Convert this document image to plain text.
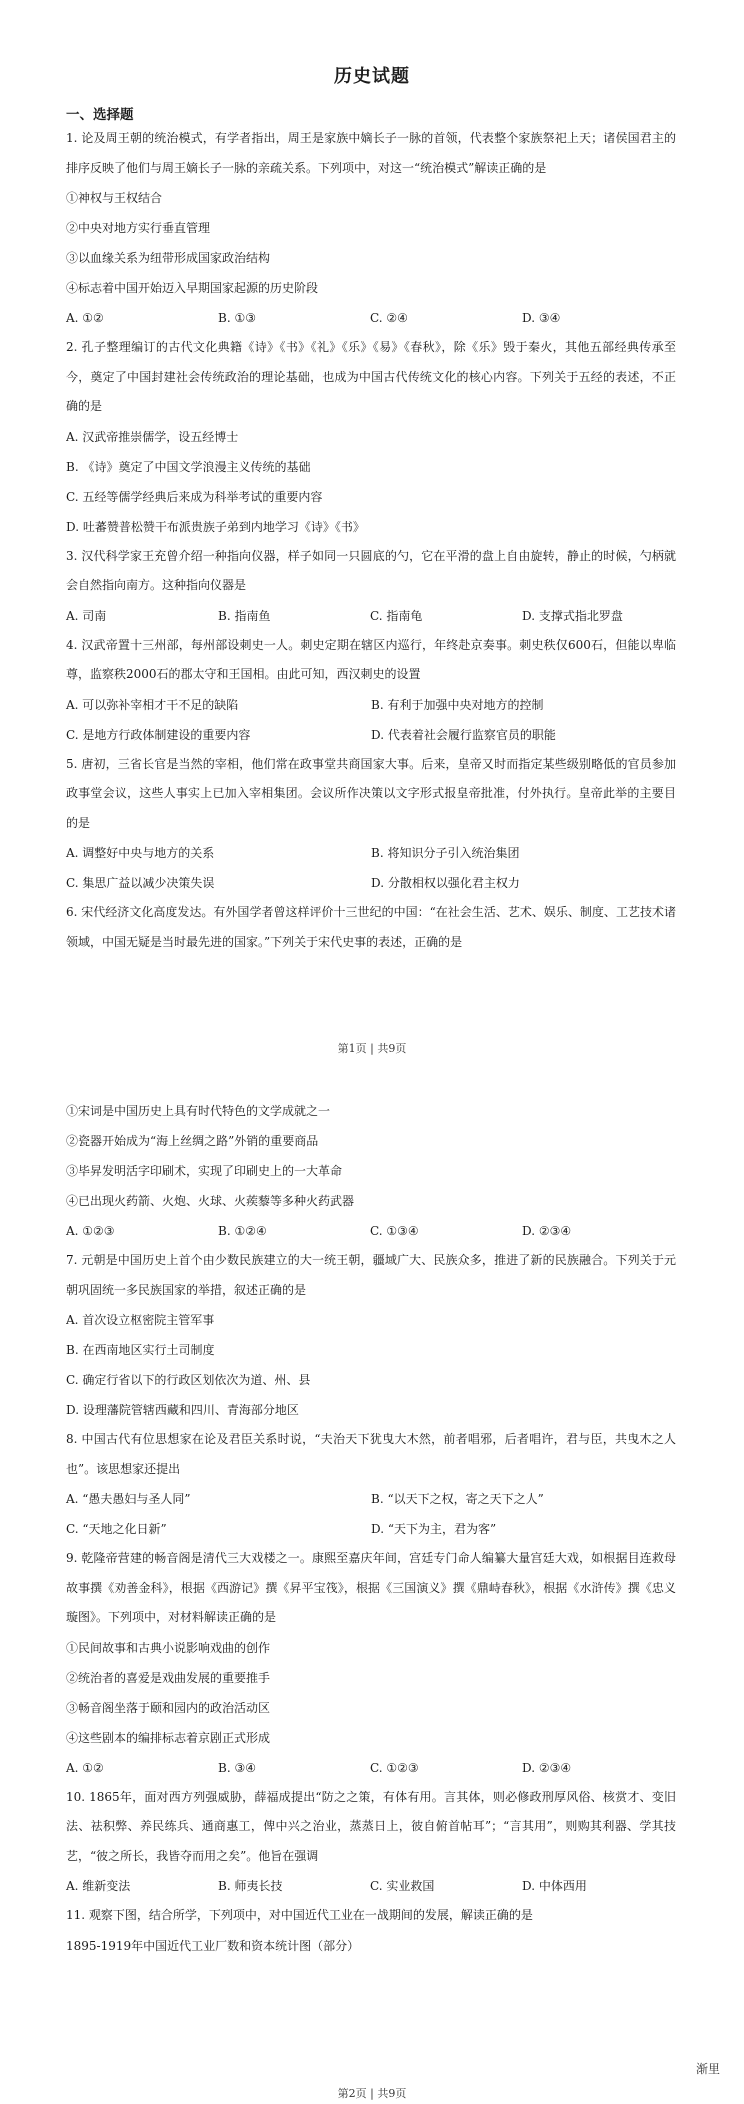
历史试题
一、选择题
1. 论及周王朝的统治模式，有学者指出，周王是家族中嫡长子一脉的首领，代表整个家族祭祀上天；诸侯国君主的排序反映了他们与周王嫡长子一脉的亲疏关系。下列项中，对这一“统治模式”解读正确的是
①神权与王权结合
②中央对地方实行垂直管理
③以血缘关系为纽带形成国家政治结构
④标志着中国开始迈入早期国家起源的历史阶段
A. ①②	B. ①③	C. ②④	D. ③④
2. 孔子整理编订的古代文化典籍《诗》《书》《礼》《乐》《易》《春秋》，除《乐》毁于秦火，其他五部经典传承至今，奠定了中国封建社会传统政治的理论基础，也成为中国古代传统文化的核心内容。下列关于五经的表述，不正确的是
A. 汉武帝推崇儒学，设五经博士
B. 《诗》奠定了中国文学浪漫主义传统的基础
C. 五经等儒学经典后来成为科举考试的重要内容
D. 吐蕃赞普松赞干布派贵族子弟到内地学习《诗》《书》
3. 汉代科学家王充曾介绍一种指向仪器，样子如同一只圆底的勺，它在平滑的盘上自由旋转，静止的时候，勺柄就会自然指向南方。这种指向仪器是
A. 司南	B. 指南鱼	C. 指南龟	D. 支撑式指北罗盘
4. 汉武帝置十三州部，每州部设刺史一人。刺史定期在辖区内巡行，年终赴京奏事。刺史秩仅600石，但能以卑临尊，监察秩2000石的郡太守和王国相。由此可知，西汉刺史的设置
A. 可以弥补宰相才干不足的缺陷	B. 有利于加强中央对地方的控制
C. 是地方行政体制建设的重要内容	D. 代表着社会履行监察官员的职能
5. 唐初，三省长官是当然的宰相，他们常在政事堂共商国家大事。后来，皇帝又时而指定某些级别略低的官员参加政事堂会议，这些人事实上已加入宰相集团。会议所作决策以文字形式报皇帝批准，付外执行。皇帝此举的主要目的是
A. 调整好中央与地方的关系	B. 将知识分子引入统治集团
C. 集思广益以减少决策失误	D. 分散相权以强化君主权力
6. 宋代经济文化高度发达。有外国学者曾这样评价十三世纪的中国：“在社会生活、艺术、娱乐、制度、工艺技术诸领域，中国无疑是当时最先进的国家。”下列关于宋代史事的表述，正确的是
第1页 | 共9页
①宋词是中国历史上具有时代特色的文学成就之一
②瓷器开始成为“海上丝绸之路”外销的重要商品
③毕昇发明活字印刷术，实现了印刷史上的一大革命
④已出现火药箭、火炮、火球、火蒺藜等多种火药武器
A. ①②③	B. ①②④	C. ①③④	D. ②③④
7. 元朝是中国历史上首个由少数民族建立的大一统王朝，疆域广大、民族众多，推进了新的民族融合。下列关于元朝巩固统一多民族国家的举措，叙述正确的是
A. 首次设立枢密院主管军事
B. 在西南地区实行土司制度
C. 确定行省以下的行政区划依次为道、州、县
D. 设理藩院管辖西藏和四川、青海部分地区
8. 中国古代有位思想家在论及君臣关系时说，“夫治天下犹曳大木然，前者唱邪，后者唱许，君与臣，共曳木之人也”。该思想家还提出
A. “愚夫愚妇与圣人同”	B. “以天下之权，寄之天下之人”
C. “天地之化日新”	D. “天下为主，君为客”
9. 乾隆帝营建的畅音阁是清代三大戏楼之一。康熙至嘉庆年间，宫廷专门命人编纂大量宫廷大戏，如根据目连救母故事撰《劝善金科》，根据《西游记》撰《昇平宝筏》，根据《三国演义》撰《鼎峙春秋》，根据《水浒传》撰《忠义璇图》。下列项中，对材料解读正确的是
①民间故事和古典小说影响戏曲的创作
②统治者的喜爱是戏曲发展的重要推手
③畅音阁坐落于颐和园内的政治活动区
④这些剧本的编排标志着京剧正式形成
A. ①②	B. ③④	C. ①②③	D. ②③④
10. 1865年，面对西方列强威胁，薛福成提出“防之之策，有体有用。言其体，则必修政刑厚风俗、核赏才、变旧法、祛积弊、养民练兵、通商惠工，俾中兴之治业，蒸蒸日上，彼自俯首帖耳”；“言其用”，则购其利器、学其技艺，“彼之所长，我皆夺而用之矣”。他旨在强调
A. 维新变法	B. 师夷长技	C. 实业救国	D. 中体西用
11. 观察下图，结合所学，下列项中，对中国近代工业在一战期间的发展，解读正确的是
1895-1919年中国近代工业厂数和资本统计图（部分）
第2页 | 共9页
渐里
